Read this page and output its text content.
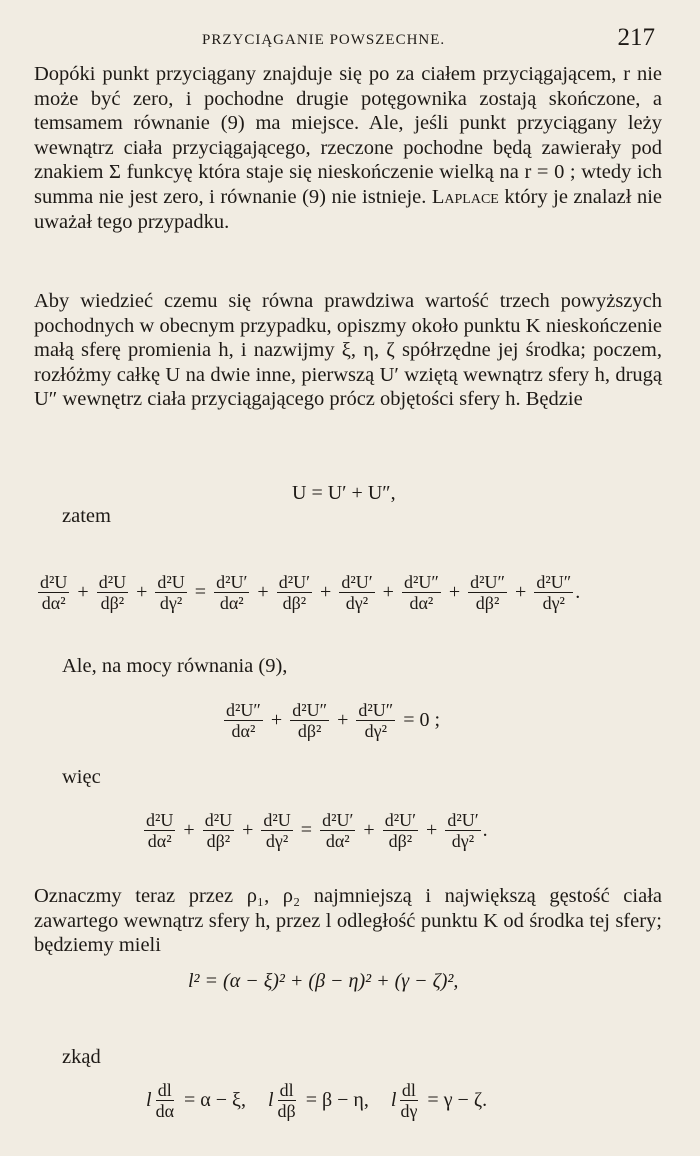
PRZYCIĄGANIE POWSZECHNE.	217

Dopóki punkt przyciągany znajduje się po za ciałem przyciągającem, r nie może być zero, i pochodne drugie potęgownika zostają skończone, a temsamem równanie (9) ma miejsce. Ale, jeśli punkt przyciągany leży wewnątrz ciała przyciągającego, rzeczone pochodne będą zawierały pod znakiem Σ funkcyę która staje się nieskończenie wielką na r = 0 ; wtedy ich summa nie jest zero, i równanie (9) nie istnieje. Laplace który je znalazł nie uważał tego przypadku.

Aby wiedzieć czemu się równa prawdziwa wartość trzech powyższych pochodnych w obecnym przypadku, opiszmy około punktu K nieskończenie małą sferę promienia h, i nazwijmy ξ, η, ζ spółrzędne jej środka; poczem, rozłóżmy całkę U na dwie inne, pierwszą U′ wziętą wewnątrz sfery h, drugą U″ wewnętrz ciała przyciągającego prócz objętości sfery h. Będzie

U = U′ + U″,
zatem
$\frac{\text{d²U}}{\text{dα²}} + \frac{\text{d²U}}{\text{dβ²}} + \frac{\text{d²U}}{\text{dγ²}} = \frac{\text{d²U′}}{\text{dα²}} + \frac{\text{d²U′}}{\text{dβ²}} + \frac{\text{d²U′}}{\text{dγ²}} + \frac{\text{d²U″}}{\text{dα²}} + \frac{\text{d²U″}}{\text{dβ²}} + \frac{\text{d²U″}}{\text{dγ²}}$ .
Ale, na mocy równania (9),
$\frac{\text{d²U″}}{\text{dα²}} + \frac{\text{d²U″}}{\text{dβ²}} + \frac{\text{d²U″}}{\text{dγ²}} = 0$ ;
więc
$\frac{\text{d²U}}{\text{dα²}} + \frac{\text{d²U}}{\text{dβ²}} + \frac{\text{d²U}}{\text{dγ²}} = \frac{\text{d²U′}}{\text{dα²}} + \frac{\text{d²U′}}{\text{dβ²}} + \frac{\text{d²U′}}{\text{dγ²}}$ .

Oznaczmy teraz przez ρ₁, ρ₂ najmniejszą i największą gęstość ciała zawartego wewnątrz sfery h, przez l odległość punktu K od środka tej sfery; będziemy mieli

l² = (α − ξ)² + (β − η)² + (γ − ζ)²,
zkąd
l $\frac{dl}{d\alpha} = \alpha - \xi$, l $\frac{dl}{d\beta} = \beta - \eta$, l $\frac{dl}{d\gamma} = \gamma - \zeta$.
